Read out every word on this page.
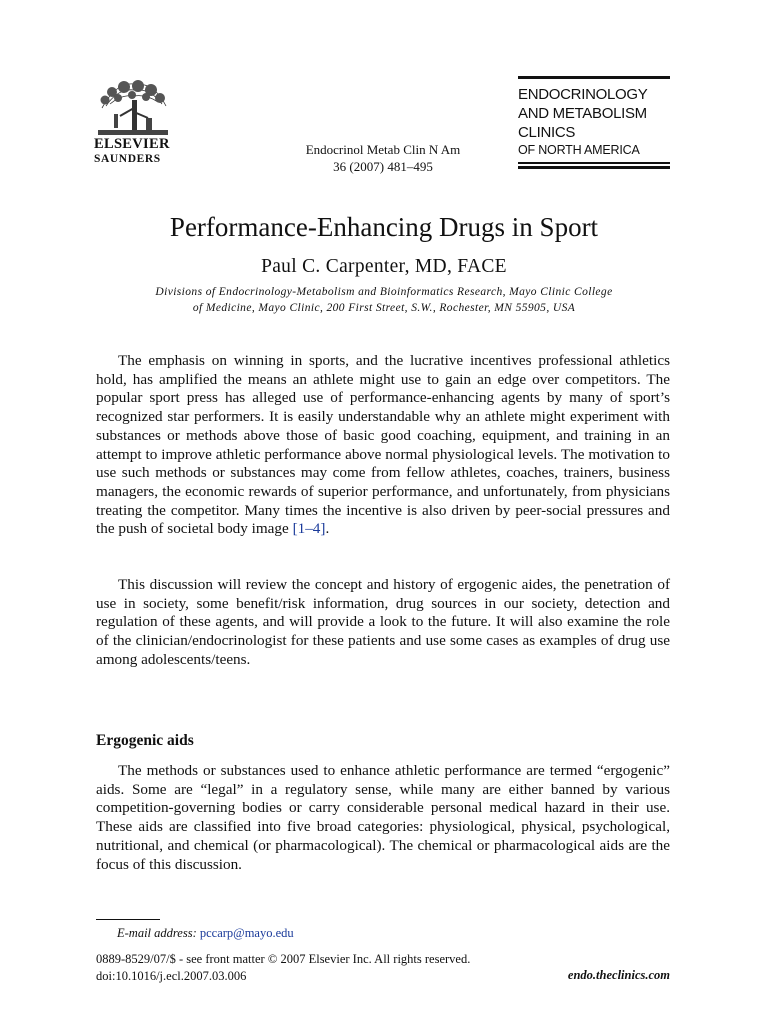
ELSEVIER
SAUNDERS
Endocrinol Metab Clin N Am
36 (2007) 481–495
ENDOCRINOLOGY
AND METABOLISM
CLINICS
OF NORTH AMERICA
Performance-Enhancing Drugs in Sport
Paul C. Carpenter, MD, FACE
Divisions of Endocrinology-Metabolism and Bioinformatics Research, Mayo Clinic College
of Medicine, Mayo Clinic, 200 First Street, S.W., Rochester, MN 55905, USA

The emphasis on winning in sports, and the lucrative incentives professional athletics hold, has amplified the means an athlete might use to gain an edge over competitors. The popular sport press has alleged use of performance-enhancing agents by many of sport’s recognized star performers. It is easily understandable why an athlete might experiment with substances or methods above those of basic good coaching, equipment, and training in an attempt to improve athletic performance above normal physiological levels. The motivation to use such methods or substances may come from fellow athletes, coaches, trainers, business managers, the economic rewards of superior performance, and unfortunately, from physicians treating the competitor. Many times the incentive is also driven by peer-social pressures and the push of societal body image [1–4].

This discussion will review the concept and history of ergogenic aides, the penetration of use in society, some benefit/risk information, drug sources in our society, detection and regulation of these agents, and will provide a look to the future. It will also examine the role of the clinician/endocrinologist for these patients and use some cases as examples of drug use among adolescents/teens.

Ergogenic aids

The methods or substances used to enhance athletic performance are termed “ergogenic” aids. Some are “legal” in a regulatory sense, while many are either banned by various competition-governing bodies or carry considerable personal medical hazard in their use. These aids are classified into five broad categories: physiological, physical, psychological, nutritional, and chemical (or pharmacological). The chemical or pharmacological aids are the focus of this discussion.

E-mail address: pccarp@mayo.edu
0889-8529/07/$ - see front matter © 2007 Elsevier Inc. All rights reserved.
doi:10.1016/j.ecl.2007.03.006	endo.theclinics.com
